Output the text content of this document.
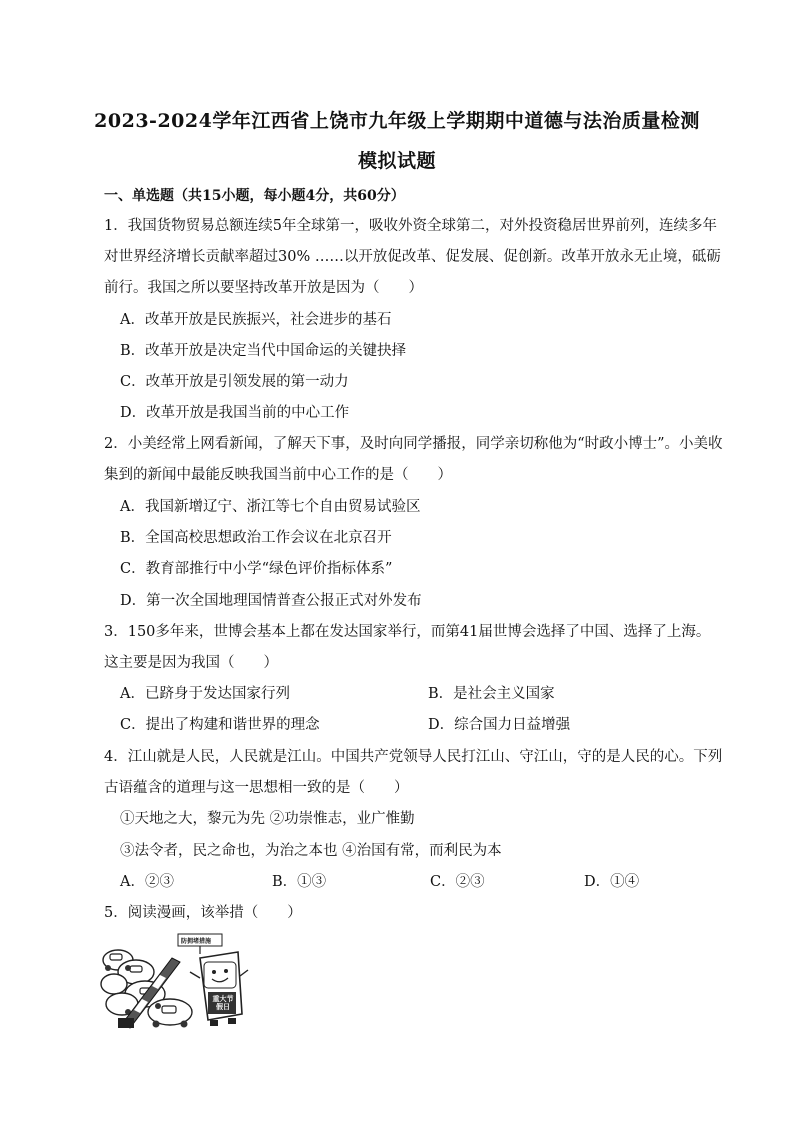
2023-2024学年江西省上饶市九年级上学期期中道德与法治质量检测
模拟试题
一、单选题（共15小题，每小题4分，共60分）
1．我国货物贸易总额连续5年全球第一，吸收外资全球第二，对外投资稳居世界前列，连续多年
对世界经济增长贡献率超过30% ……以开放促改革、促发展、促创新。改革开放永无止境，砥砺
前行。我国之所以要坚持改革开放是因为（　　）
A．改革开放是民族振兴，社会进步的基石
B．改革开放是决定当代中国命运的关键抉择
C．改革开放是引领发展的第一动力
D．改革开放是我国当前的中心工作
2．小美经常上网看新闻，了解天下事，及时向同学播报，同学亲切称他为“时政小博士”。小美收
集到的新闻中最能反映我国当前中心工作的是（　　）
A．我国新增辽宁、浙江等七个自由贸易试验区
B．全国高校思想政治工作会议在北京召开
C．教育部推行中小学“绿色评价指标体系”
D．第一次全国地理国情普查公报正式对外发布
3．150多年来，世博会基本上都在发达国家举行，而第41届世博会选择了中国、选择了上海。
这主要是因为我国（　　）
A．已跻身于发达国家行列	B．是社会主义国家
C．提出了构建和谐世界的理念	D．综合国力日益增强
4．江山就是人民，人民就是江山。中国共产党领导人民打江山、守江山，守的是人民的心。下列
古语蕴含的道理与这一思想相一致的是（　　）
①天地之大，黎元为先 ②功崇惟志，业广惟勤
③法令者，民之命也，为治之本也 ④治国有常，而利民为本
A．②③	B．①③	C．②③	D．①④
5．阅读漫画，该举措（　　）
防拥堵措施
重大节假日
